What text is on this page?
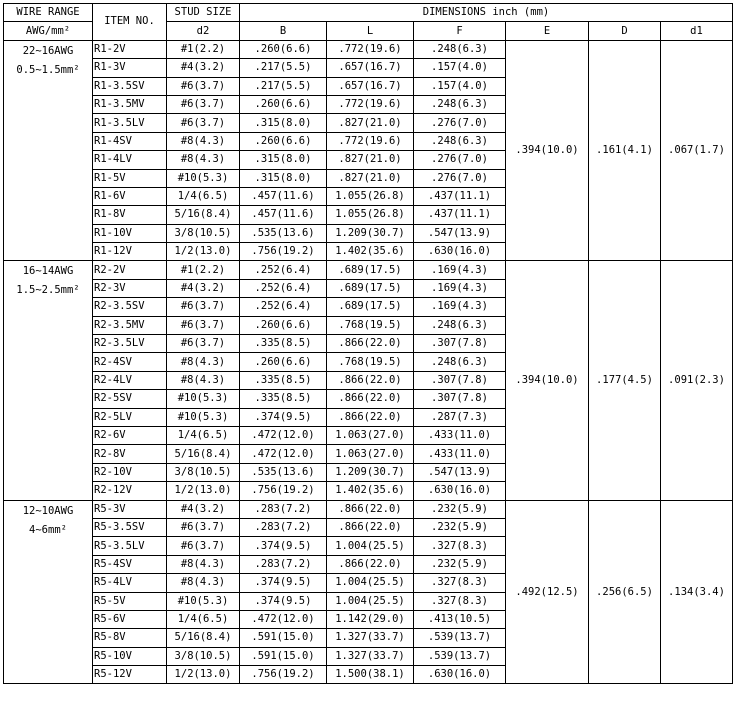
WIRE RANGE	ITEM NO.	STUD SIZE	DIMENSIONS inch (mm)					
AWG/mm²		d2	B	L	F	E	D	d1

22~16AWG
0.5~1.5mm²	R1-2V	#1(2.2)	.260(6.6)	.772(19.6)	.248(6.3)	.394(10.0)	.161(4.1)	.067(1.7)
	R1-3V	#4(3.2)	.217(5.5)	.657(16.7)	.157(4.0)			
	R1-3.5SV	#6(3.7)	.217(5.5)	.657(16.7)	.157(4.0)			
	R1-3.5MV	#6(3.7)	.260(6.6)	.772(19.6)	.248(6.3)			
	R1-3.5LV	#6(3.7)	.315(8.0)	.827(21.0)	.276(7.0)			
	R1-4SV	#8(4.3)	.260(6.6)	.772(19.6)	.248(6.3)			
	R1-4LV	#8(4.3)	.315(8.0)	.827(21.0)	.276(7.0)			
	R1-5V	#10(5.3)	.315(8.0)	.827(21.0)	.276(7.0)			
	R1-6V	1/4(6.5)	.457(11.6)	1.055(26.8)	.437(11.1)			
	R1-8V	5/16(8.4)	.457(11.6)	1.055(26.8)	.437(11.1)			
	R1-10V	3/8(10.5)	.535(13.6)	1.209(30.7)	.547(13.9)			
	R1-12V	1/2(13.0)	.756(19.2)	1.402(35.6)	.630(16.0)			

16~14AWG
1.5~2.5mm²	R2-2V	#1(2.2)	.252(6.4)	.689(17.5)	.169(4.3)	.394(10.0)	.177(4.5)	.091(2.3)
	R2-3V	#4(3.2)	.252(6.4)	.689(17.5)	.169(4.3)			
	R2-3.5SV	#6(3.7)	.252(6.4)	.689(17.5)	.169(4.3)			
	R2-3.5MV	#6(3.7)	.260(6.6)	.768(19.5)	.248(6.3)			
	R2-3.5LV	#6(3.7)	.335(8.5)	.866(22.0)	.307(7.8)			
	R2-4SV	#8(4.3)	.260(6.6)	.768(19.5)	.248(6.3)			
	R2-4LV	#8(4.3)	.335(8.5)	.866(22.0)	.307(7.8)			
	R2-5SV	#10(5.3)	.335(8.5)	.866(22.0)	.307(7.8)			
	R2-5LV	#10(5.3)	.374(9.5)	.866(22.0)	.287(7.3)			
	R2-6V	1/4(6.5)	.472(12.0)	1.063(27.0)	.433(11.0)			
	R2-8V	5/16(8.4)	.472(12.0)	1.063(27.0)	.433(11.0)			
	R2-10V	3/8(10.5)	.535(13.6)	1.209(30.7)	.547(13.9)			
	R2-12V	1/2(13.0)	.756(19.2)	1.402(35.6)	.630(16.0)			

12~10AWG
4~6mm²	R5-3V	#4(3.2)	.283(7.2)	.866(22.0)	.232(5.9)	.492(12.5)	.256(6.5)	.134(3.4)
	R5-3.5SV	#6(3.7)	.283(7.2)	.866(22.0)	.232(5.9)			
	R5-3.5LV	#6(3.7)	.374(9.5)	1.004(25.5)	.327(8.3)			
	R5-4SV	#8(4.3)	.283(7.2)	.866(22.0)	.232(5.9)			
	R5-4LV	#8(4.3)	.374(9.5)	1.004(25.5)	.327(8.3)			
	R5-5V	#10(5.3)	.374(9.5)	1.004(25.5)	.327(8.3)			
	R5-6V	1/4(6.5)	.472(12.0)	1.142(29.0)	.413(10.5)			
	R5-8V	5/16(8.4)	.591(15.0)	1.327(33.7)	.539(13.7)			
	R5-10V	3/8(10.5)	.591(15.0)	1.327(33.7)	.539(13.7)			
	R5-12V	1/2(13.0)	.756(19.2)	1.500(38.1)	.630(16.0)			
